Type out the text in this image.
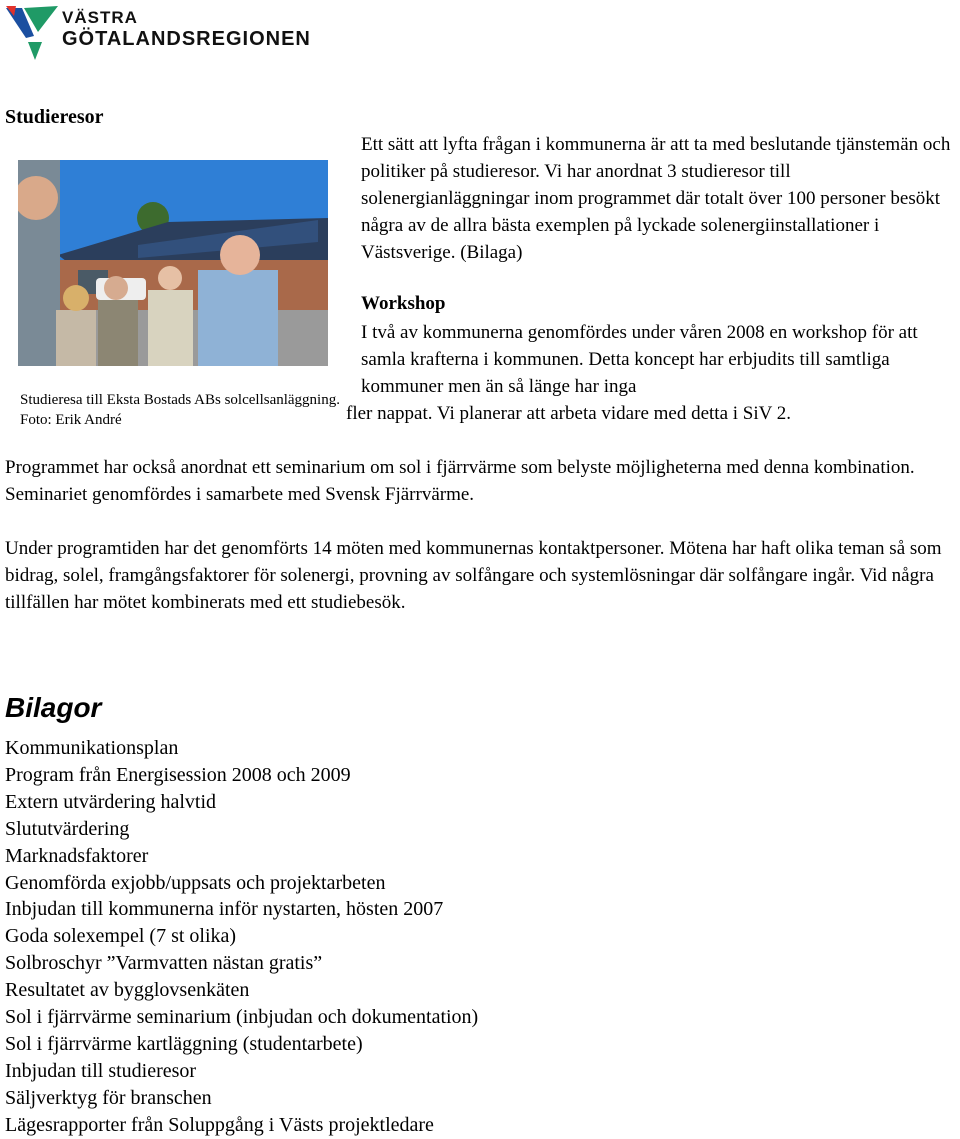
VÄSTRA
GÖTALANDSREGIONEN
Studieresor
Studieresa till Eksta Bostads ABs solcellsanläggning. Foto: Erik André

Ett sätt att lyfta frågan i kommunerna är att ta med beslutande tjänstemän och politiker på studieresor. Vi har anordnat 3 studieresor till solenergianläggningar inom programmet där totalt över 100 personer besökt några av de allra bästa exemplen på lyckade solenergiinstallationer i Västsverige. (Bilaga)

Workshop

I två av kommunerna genomfördes under våren 2008 en workshop för att samla krafterna i kommunen. Detta koncept har erbjudits till samtliga kommuner men än så länge har inga

fler nappat. Vi planerar att arbeta vidare med detta i SiV 2.

Programmet har också anordnat ett seminarium om sol i fjärrvärme som belyste möjligheterna med denna kombination. Seminariet genomfördes i samarbete med Svensk Fjärrvärme.

Under programtiden har det genomförts 14 möten med kommunernas kontaktpersoner. Mötena har haft olika teman så som bidrag, solel, framgångsfaktorer för solenergi, provning av solfångare och systemlösningar där solfångare ingår. Vid några tillfällen har mötet kombinerats med ett studiebesök.

Bilagor
Kommunikationsplan
Program från Energisession 2008 och 2009
Extern utvärdering halvtid
Slututvärdering
Marknadsfaktorer
Genomförda exjobb/uppsats och projektarbeten
Inbjudan till kommunerna inför nystarten, hösten 2007
Goda solexempel (7 st olika)
Solbroschyr ”Varmvatten nästan gratis”
Resultatet av bygglovsenkäten
Sol i fjärrvärme seminarium (inbjudan och dokumentation)
Sol i fjärrvärme kartläggning (studentarbete)
Inbjudan till studieresor
Säljverktyg för branschen
Lägesrapporter från Soluppgång i Västs projektledare
